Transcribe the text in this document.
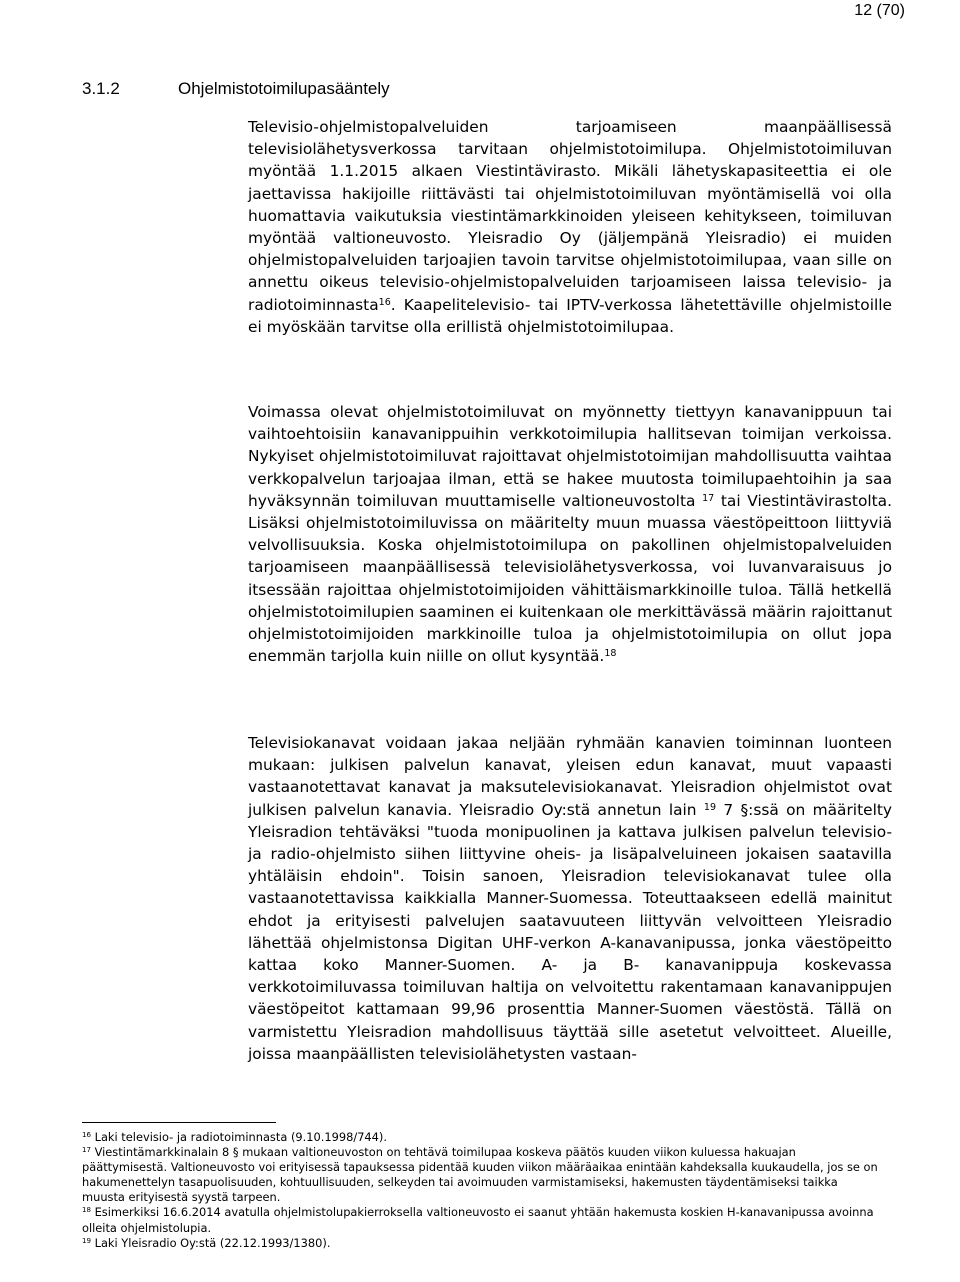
12 (70)
3.1.2	Ohjelmistotoimilupasääntely

Televisio-ohjelmistopalveluiden tarjoamiseen maanpäällisessä televisiolähetysverkossa tarvitaan ohjelmistotoimilupa. Ohjelmistotoimiluvan myöntää 1.1.2015 alkaen Viestintävirasto. Mikäli lähetyskapasiteettia ei ole jaettavissa hakijoille riittävästi tai ohjelmistotoimiluvan myöntämisellä voi olla huomattavia vaikutuksia viestintämarkkinoiden yleiseen kehitykseen, toimiluvan myöntää valtioneuvosto. Yleisradio Oy (jäljempänä Yleisradio) ei muiden ohjelmistopalveluiden tarjoajien tavoin tarvitse ohjelmistotoimilupaa, vaan sille on annettu oikeus televisio-ohjelmistopalveluiden tarjoamiseen laissa televisio- ja radiotoiminnasta$^{16}$. Kaapelitelevisio- tai IPTV-verkossa lähetettäville ohjelmistoille ei myöskään tarvitse olla erillistä ohjelmistotoimilupaa.

Voimassa olevat ohjelmistotoimiluvat on myönnetty tiettyyn kanavanippuun tai vaihtoehtoisiin kanavanippuihin verkkotoimilupia hallitsevan toimijan verkoissa. Nykyiset ohjelmistotoimiluvat rajoittavat ohjelmistotoimijan mahdollisuutta vaihtaa verkkopalvelun tarjoajaa ilman, että se hakee muutosta toimilupaehtoihin ja saa hyväksynnän toimiluvan muuttamiselle valtioneuvostolta $^{17}$ tai Viestintävirastolta. Lisäksi ohjelmistotoimiluvissa on määritelty muun muassa väestöpeittoon liittyviä velvollisuuksia. Koska ohjelmistotoimilupa on pakollinen ohjelmistopalveluiden tarjoamiseen maanpäällisessä televisiolähetysverkossa, voi luvanvaraisuus jo itsessään rajoittaa ohjelmistotoimijoiden vähittäismarkkinoille tuloa. Tällä hetkellä ohjelmistotoimilupien saaminen ei kuitenkaan ole merkittävässä määrin rajoittanut ohjelmistotoimijoiden markkinoille tuloa ja ohjelmistotoimilupia on ollut jopa enemmän tarjolla kuin niille on ollut kysyntää.$^{18}$

Televisiokanavat voidaan jakaa neljään ryhmään kanavien toiminnan luonteen mukaan: julkisen palvelun kanavat, yleisen edun kanavat, muut vapaasti vastaanotettavat kanavat ja maksutelevisiokanavat. Yleisradion ohjelmistot ovat julkisen palvelun kanavia. Yleisradio Oy:stä annetun lain $^{19}$ 7 §:ssä on määritelty Yleisradion tehtäväksi "tuoda monipuolinen ja kattava julkisen palvelun televisio- ja radio-ohjelmisto siihen liittyvine oheis- ja lisäpalveluineen jokaisen saatavilla yhtäläisin ehdoin". Toisin sanoen, Yleisradion televisiokanavat tulee olla vastaanotettavissa kaikkialla Manner-Suomessa. Toteuttaakseen edellä mainitut ehdot ja erityisesti palvelujen saatavuuteen liittyvän velvoitteen Yleisradio lähettää ohjelmistonsa Digitan UHF-verkon A-kanavanipussa, jonka väestöpeitto kattaa koko Manner-Suomen. A- ja B- kanavanippuja koskevassa verkkotoimiluvassa toimiluvan haltija on velvoitettu rakentamaan kanavanippujen väestöpeitot kattamaan 99,96 prosenttia Manner-Suomen väestöstä. Tällä on varmistettu Yleisradion mahdollisuus täyttää sille asetetut velvoitteet. Alueille, joissa maanpäällisten televisiolähetysten vastaan-

$^{16}$ Laki televisio- ja radiotoiminnasta (9.10.1998/744).

$^{17}$ Viestintämarkkinalain 8 § mukaan valtioneuvoston on tehtävä toimilupaa koskeva päätös kuuden viikon kuluessa hakuajan päättymisestä. Valtioneuvosto voi erityisessä tapauksessa pidentää kuuden viikon määräaikaa enintään kahdeksalla kuukaudella, jos se on hakumenettelyn tasapuolisuuden, kohtuullisuuden, selkeyden tai avoimuuden varmistamiseksi, hakemusten täydentämiseksi taikka muusta erityisestä syystä tarpeen.

$^{18}$ Esimerkiksi 16.6.2014 avatulla ohjelmistolupakierroksella valtioneuvosto ei saanut yhtään hakemusta koskien H-kanavanipussa avoinna olleita ohjelmistolupia.

$^{19}$ Laki Yleisradio Oy:stä (22.12.1993/1380).
